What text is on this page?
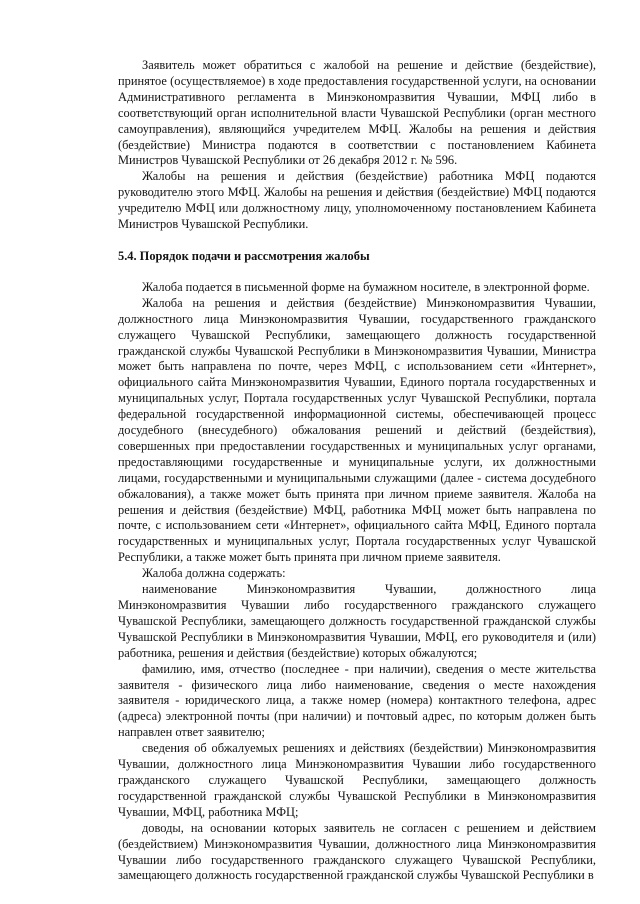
Заявитель может обратиться с жалобой на решение и действие (бездействие), принятое (осуществляемое) в ходе предоставления государственной услуги, на основании Административного регламента в Минэкономразвития Чувашии, МФЦ либо в соответствующий орган исполнительной власти Чувашской Республики (орган местного самоуправления), являющийся учредителем МФЦ. Жалобы на решения и действия (бездействие) Министра подаются в соответствии с постановлением Кабинета Министров Чувашской Республики от 26 декабря 2012 г. № 596.

Жалобы на решения и действия (бездействие) работника МФЦ подаются руководителю этого МФЦ. Жалобы на решения и действия (бездействие) МФЦ подаются учредителю МФЦ или должностному лицу, уполномоченному постановлением Кабинета Министров Чувашской Республики.

5.4. Порядок подачи и рассмотрения жалобы

Жалоба подается в письменной форме на бумажном носителе, в электронной форме.

Жалоба на решения и действия (бездействие) Минэкономразвития Чувашии, должностного лица Минэкономразвития Чувашии, государственного гражданского служащего Чувашской Республики, замещающего должность государственной гражданской службы Чувашской Республики в Минэкономразвития Чувашии, Министра может быть направлена по почте, через МФЦ, с использованием сети «Интернет», официального сайта Минэкономразвития Чувашии, Единого портала государственных и муниципальных услуг, Портала государственных услуг Чувашской Республики, портала федеральной государственной информационной системы, обеспечивающей процесс досудебного (внесудебного) обжалования решений и действий (бездействия), совершенных при предоставлении государственных и муниципальных услуг органами, предоставляющими государственные и муниципальные услуги, их должностными лицами, государственными и муниципальными служащими (далее - система досудебного обжалования), а также может быть принята при личном приеме заявителя. Жалоба на решения и действия (бездействие) МФЦ, работника МФЦ может быть направлена по почте, с использованием сети «Интернет», официального сайта МФЦ, Единого портала государственных и муниципальных услуг, Портала государственных услуг Чувашской Республики, а также может быть принята при личном приеме заявителя.

Жалоба должна содержать:

наименование Минэкономразвития Чувашии, должностного лица Минэкономразвития Чувашии либо государственного гражданского служащего Чувашской Республики, замещающего должность государственной гражданской службы Чувашской Республики в Минэкономразвития Чувашии, МФЦ, его руководителя и (или) работника, решения и действия (бездействие) которых обжалуются;

фамилию, имя, отчество (последнее - при наличии), сведения о месте жительства заявителя - физического лица либо наименование, сведения о месте нахождения заявителя - юридического лица, а также номер (номера) контактного телефона, адрес (адреса) электронной почты (при наличии) и почтовый адрес, по которым должен быть направлен ответ заявителю;

сведения об обжалуемых решениях и действиях (бездействии) Минэкономразвития Чувашии, должностного лица Минэкономразвития Чувашии либо государственного гражданского служащего Чувашской Республики, замещающего должность государственной гражданской службы Чувашской Республики в Минэкономразвития Чувашии, МФЦ, работника МФЦ;

доводы, на основании которых заявитель не согласен с решением и действием (бездействием) Минэкономразвития Чувашии, должностного лица Минэкономразвития Чувашии либо государственного гражданского служащего Чувашской Республики, замещающего должность государственной гражданской службы Чувашской Республики в
